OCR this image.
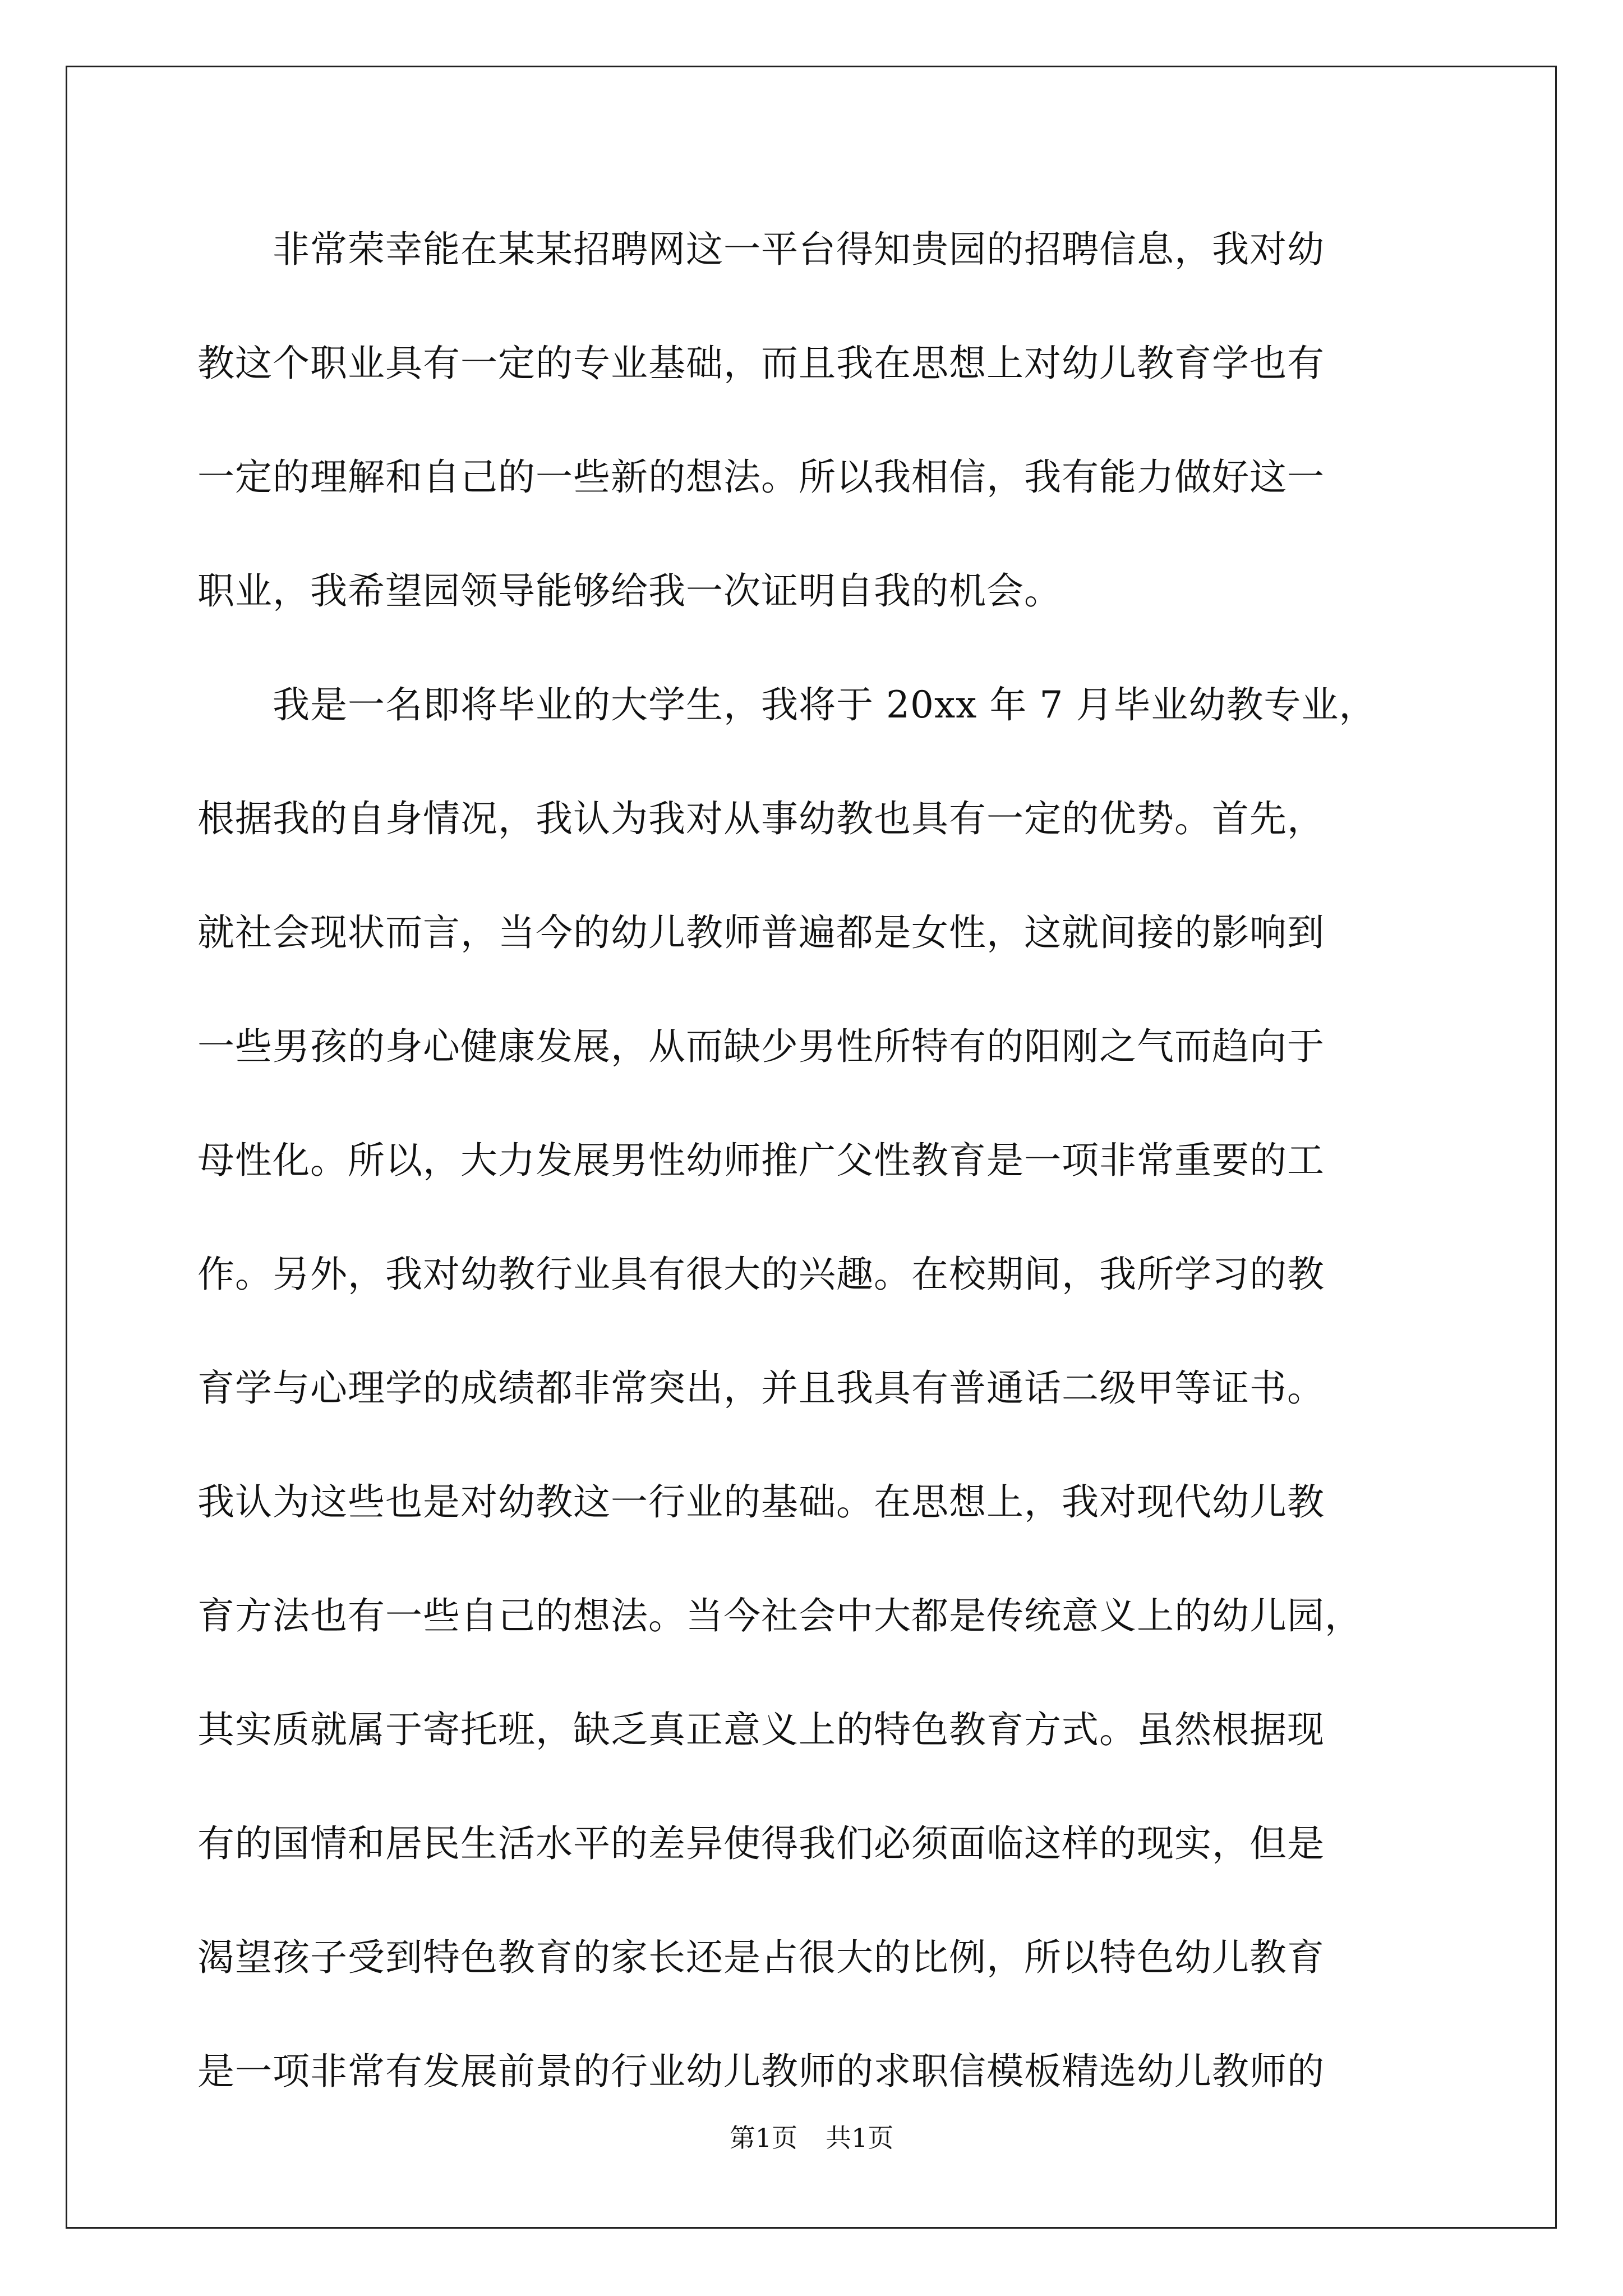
　　非常荣幸能在某某招聘网这一平台得知贵园的招聘信息，我对幼
教这个职业具有一定的专业基础，而且我在思想上对幼儿教育学也有
一定的理解和自己的一些新的想法。所以我相信，我有能力做好这一
职业，我希望园领导能够给我一次证明自我的机会。
　　我是一名即将毕业的大学生，我将于 20xx 年 7 月毕业幼教专业，
根据我的自身情况，我认为我对从事幼教也具有一定的优势。首先，
就社会现状而言，当今的幼儿教师普遍都是女性，这就间接的影响到
一些男孩的身心健康发展，从而缺少男性所特有的阳刚之气而趋向于
母性化。所以，大力发展男性幼师推广父性教育是一项非常重要的工
作。另外，我对幼教行业具有很大的兴趣。在校期间，我所学习的教
育学与心理学的成绩都非常突出，并且我具有普通话二级甲等证书。
我认为这些也是对幼教这一行业的基础。在思想上，我对现代幼儿教
育方法也有一些自己的想法。当今社会中大都是传统意义上的幼儿园，
其实质就属于寄托班，缺乏真正意义上的特色教育方式。虽然根据现
有的国情和居民生活水平的差异使得我们必须面临这样的现实，但是
渴望孩子受到特色教育的家长还是占很大的比例，所以特色幼儿教育
是一项非常有发展前景的行业幼儿教师的求职信模板精选幼儿教师的
第1页 共1页
